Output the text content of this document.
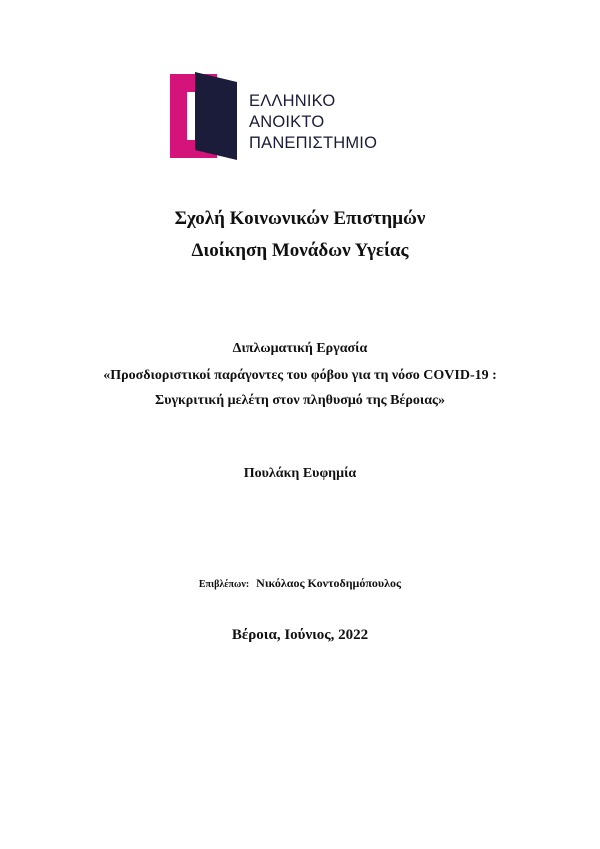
ΕΛΛΗΝΙΚΟ
ΑΝΟΙΚΤΟ
ΠΑΝΕΠΙΣΤΗΜΙΟ
Σχολή Κοινωνικών Επιστημών
Διοίκηση Μονάδων Υγείας
Διπλωματική Εργασία
«Προσδιοριστικοί παράγοντες του φόβου για τη νόσο COVID-19 :
Συγκριτική μελέτη στον πληθυσμό της Βέροιας»
Πουλάκη Ευφημία
Επιβλέπων: Νικόλαος Κοντοδημόπουλος
Βέροια, Ιούνιος, 2022
